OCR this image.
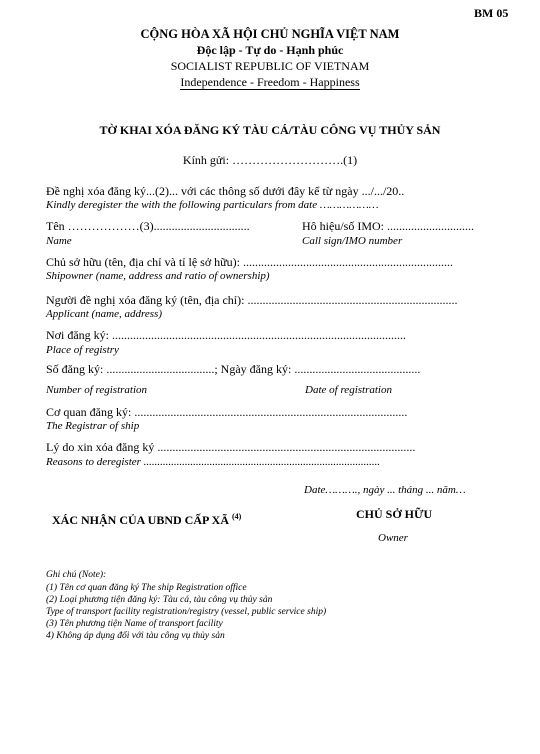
BM 05
CỘNG HÒA XÃ HỘI CHỦ NGHĨA VIỆT NAM
Độc lập - Tự do - Hạnh phúc
SOCIALIST REPUBLIC OF VIETNAM
Independence - Freedom - Happiness
TỜ KHAI XÓA ĐĂNG KÝ TÀU CÁ/TÀU CÔNG VỤ THỦY SẢN
Kính gửi: ……………………….(1)
Đề nghị xóa đăng ký...(2)... với các thông số dưới đây kể từ ngày .../.../20..
Kindly deregister the with the following particulars from date ………………
Tên ………………(3)................................	Hô hiệu/số IMO: .............................
Name	Call sign/IMO number
Chủ sở hữu (tên, địa chỉ và tỉ lệ sở hữu): ......................................................................
Shipowner (name, address and ratio of ownership)
Người đề nghị xóa đăng ký (tên, địa chỉ): ......................................................................
Applicant (name, address)
Nơi đăng ký: ..................................................................................................
Place of registry
Số đăng ký: ....................................; Ngày đăng ký: ..........................................
Number of registration	Date of registration
Cơ quan đăng ký: ...........................................................................................
The Registrar of ship
Lý do xin xóa đăng ký ......................................................................................
Reasons to deregister ......................................................................................
Date………., ngày ... tháng ... năm…
XÁC NHẬN CỦA UBND CẤP XÃ $^{(4)}$	CHỦ SỞ HỮU
Owner
Ghi chú (Note):
(1) Tên cơ quan đăng ký The ship Registration office
(2) Loại phương tiện đăng ký: Tàu cá, tàu công vụ thủy sản
Type of transport facility registration/registry (vessel, public service ship)
(3) Tên phương tiện Name of transport facility
4) Không áp dụng đối với tàu công vụ thủy sản
